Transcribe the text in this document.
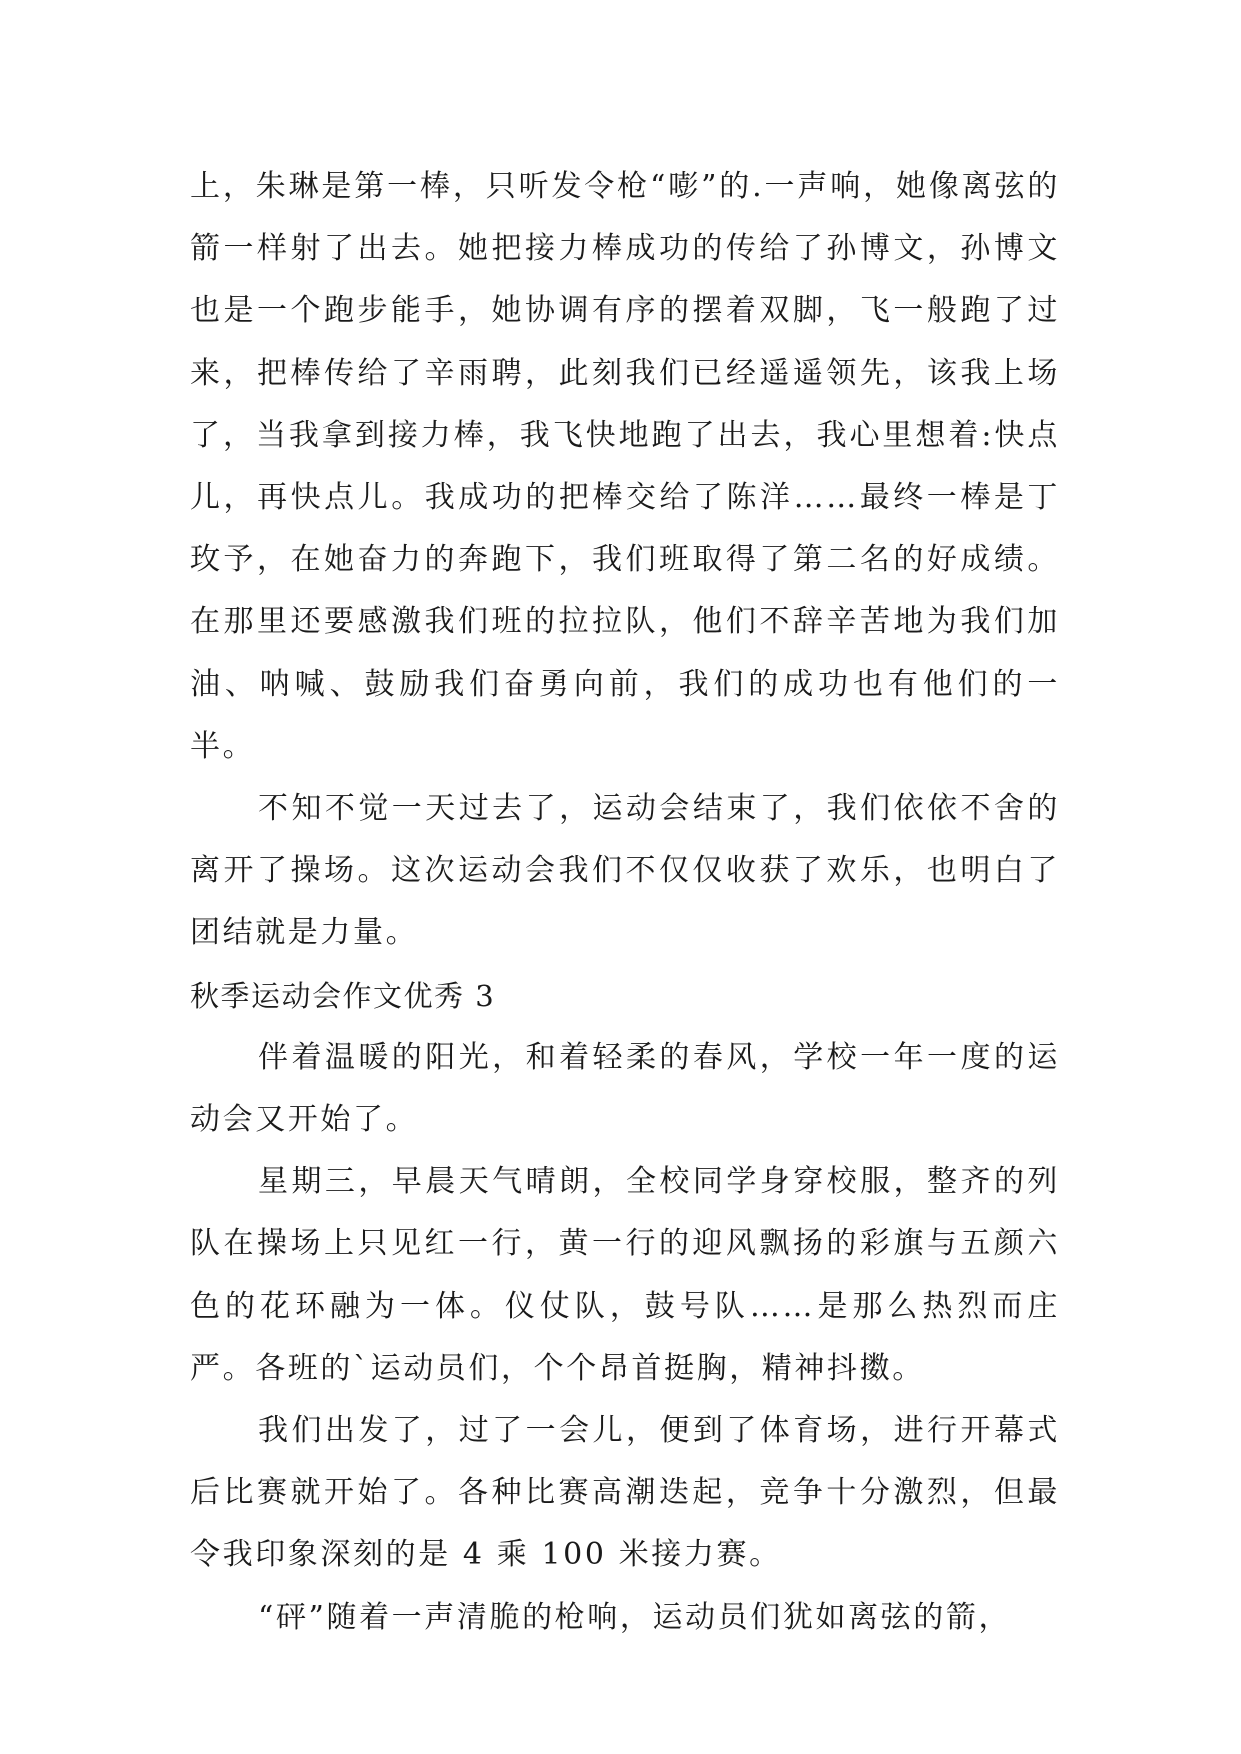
上，朱琳是第一棒，只听发令枪“嘭”的.一声响，她像离弦的箭一样射了出去。她把接力棒成功的传给了孙博文，孙博文也是一个跑步能手，她协调有序的摆着双脚，飞一般跑了过来，把棒传给了辛雨聘，此刻我们已经遥遥领先，该我上场了，当我拿到接力棒，我飞快地跑了出去，我心里想着:快点儿，再快点儿。我成功的把棒交给了陈洋……最终一棒是丁玫予，在她奋力的奔跑下，我们班取得了第二名的好成绩。在那里还要感激我们班的拉拉队，他们不辞辛苦地为我们加油、呐喊、鼓励我们奋勇向前，我们的成功也有他们的一半。

不知不觉一天过去了，运动会结束了，我们依依不舍的离开了操场。这次运动会我们不仅仅收获了欢乐，也明白了团结就是力量。

秋季运动会作文优秀 3

伴着温暖的阳光，和着轻柔的春风，学校一年一度的运动会又开始了。

星期三，早晨天气晴朗，全校同学身穿校服，整齐的列队在操场上只见红一行，黄一行的迎风飘扬的彩旗与五颜六色的花环融为一体。仪仗队，鼓号队……是那么热烈而庄严。各班的`运动员们，个个昂首挺胸，精神抖擞。

我们出发了，过了一会儿，便到了体育场，进行开幕式后比赛就开始了。各种比赛高潮迭起，竞争十分激烈，但最令我印象深刻的是 4 乘 100 米接力赛。

“砰”随着一声清脆的枪响，运动员们犹如离弦的箭，
